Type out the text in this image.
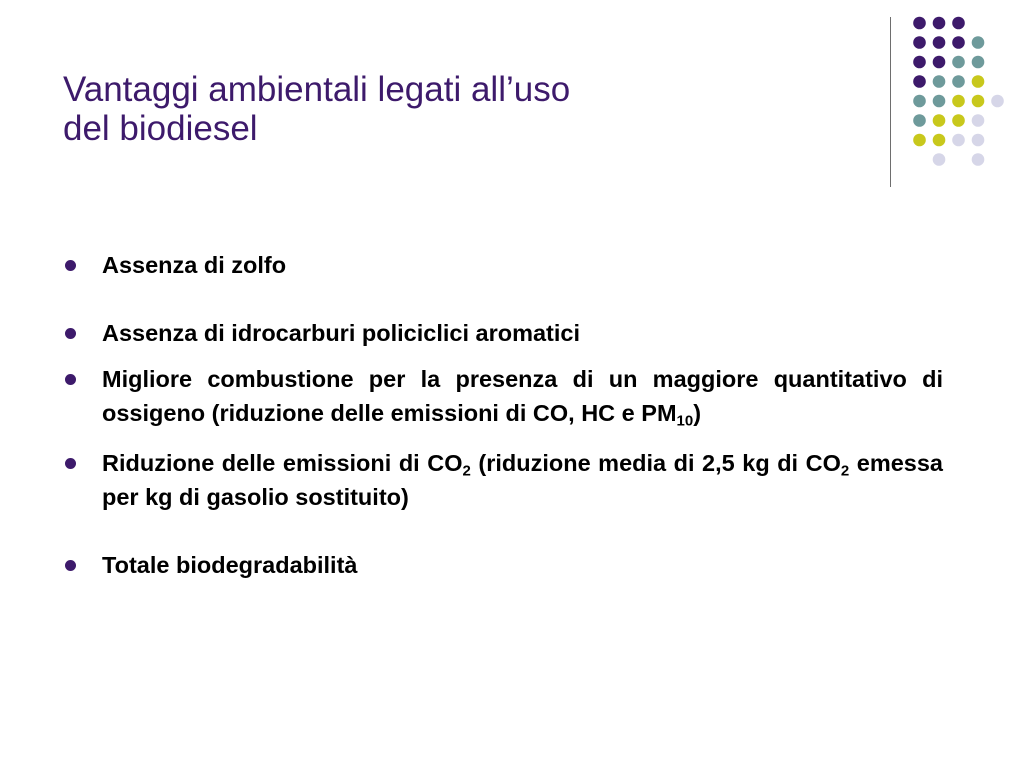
Vantaggi ambientali legati all’uso
del biodiesel
Assenza di zolfo
Assenza di idrocarburi policiclici aromatici
Migliore combustione per la presenza di un maggiore quantitativo di ossigeno (riduzione delle emissioni di CO, HC e $PM_{10}$)
Riduzione delle emissioni di $CO_2$ (riduzione media di 2,5 kg di $CO_2$ emessa per kg di gasolio sostituito)
Totale biodegradabilità
